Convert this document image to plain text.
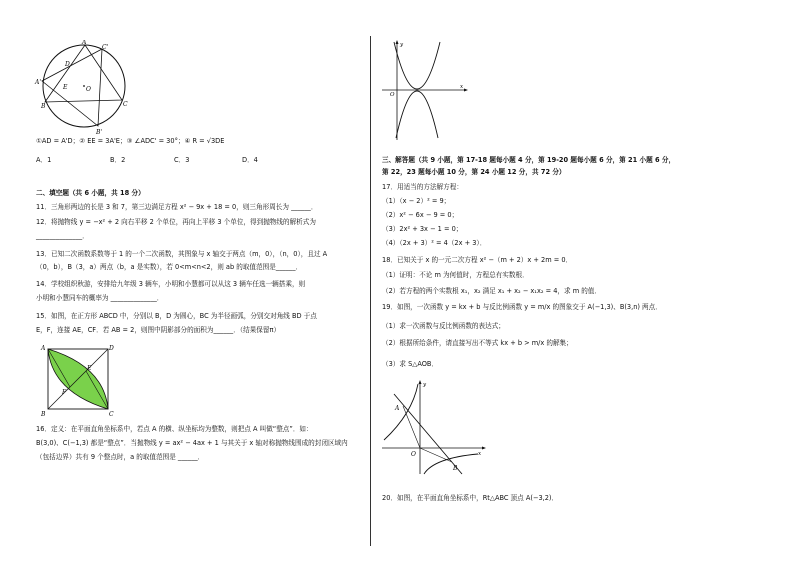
A
C'
D
A'
E	O
B	C
B'
①AD = A'D；② EE = 3A'E；③ ∠ADC' = 30°；④ R = √3DE
A．1	B．2	C．3	D．4
二、填空题（共 6 小题，共 18 分）
11．三角形两边的长是 3 和 7，第三边满足方程 x² − 9x + 18 = 0，则三角形周长为 ______．
12．将抛物线 y = −x² + 2 向右平移 2 个单位，再向上平移 3 个单位，得到抛物线的解析式为
______________．
13．已知二次函数系数等于 1 的一个二次函数，其图象与 x 轴交于两点（m，0），（n，0），且过 A
（0，b），B（3，a）两点（b，a 是实数），若 0<m<n<2，则 ab 的取值范围是______．
14．学校组织秋游，安排给九年级 3 辆车，小明和小慧都可以从这 3 辆车任选一辆搭乘，则
小明和小慧同车的概率为 ______________．
15．如图，在正方形 ABCD 中，分别以 B，D 为圆心，BC 为半径画弧，分别交对角线 BD 于点
E，F，连接 AE，CF．若 AB = 2，则图中阴影部分的面积为______．（结果保留π）
A	D
E
F
B	C
16．定义：在平面直角坐标系中，若点 A 的横、纵坐标均为整数，则把点 A 叫做“整点”．如：
B(3,0)、C(−1,3) 都是“整点”．当抛物线 y = ax² − 4ax + 1 与其关于 x 轴对称抛物线围成的封闭区域内
（包括边界）共有 9 个整点时，a 的取值范围是 ______．
y
x
O
三、解答题（共 9 小题，第 17-18 题每小题 4 分，第 19-20 题每小题 6 分，第 21 小题 6 分，
第 22，23 题每小题 10 分，第 24 小题 12 分，共 72 分）
17．用适当的方法解方程：
（1）（x − 2）² = 9；
（2）x² − 6x − 9 = 0；
（3）2x² + 3x − 1 = 0；
（4）（2x + 3）² = 4（2x + 3）．
18．已知关于 x 的一元二次方程 x² −（m + 2）x + 2m = 0．
（1）证明：不论 m 为何值时，方程总有实数根．
（2）若方程的两个实数根 x₁，x₂ 满足 x₁ + x₂ − x₁x₂ = 4，求 m 的值．
19．如图，一次函数 y = kx + b 与反比例函数 y = m/x 的图象交于 A(−1,3)、B(3,n) 两点．
（1）求一次函数与反比例函数的表达式；
（2）根据所给条件，请直接写出不等式 kx + b > m/x 的解集；
（3）求 S△AOB．
y
A
O
B
x
20．如图，在平面直角坐标系中，Rt△ABC 顶点 A(−3,2)．
